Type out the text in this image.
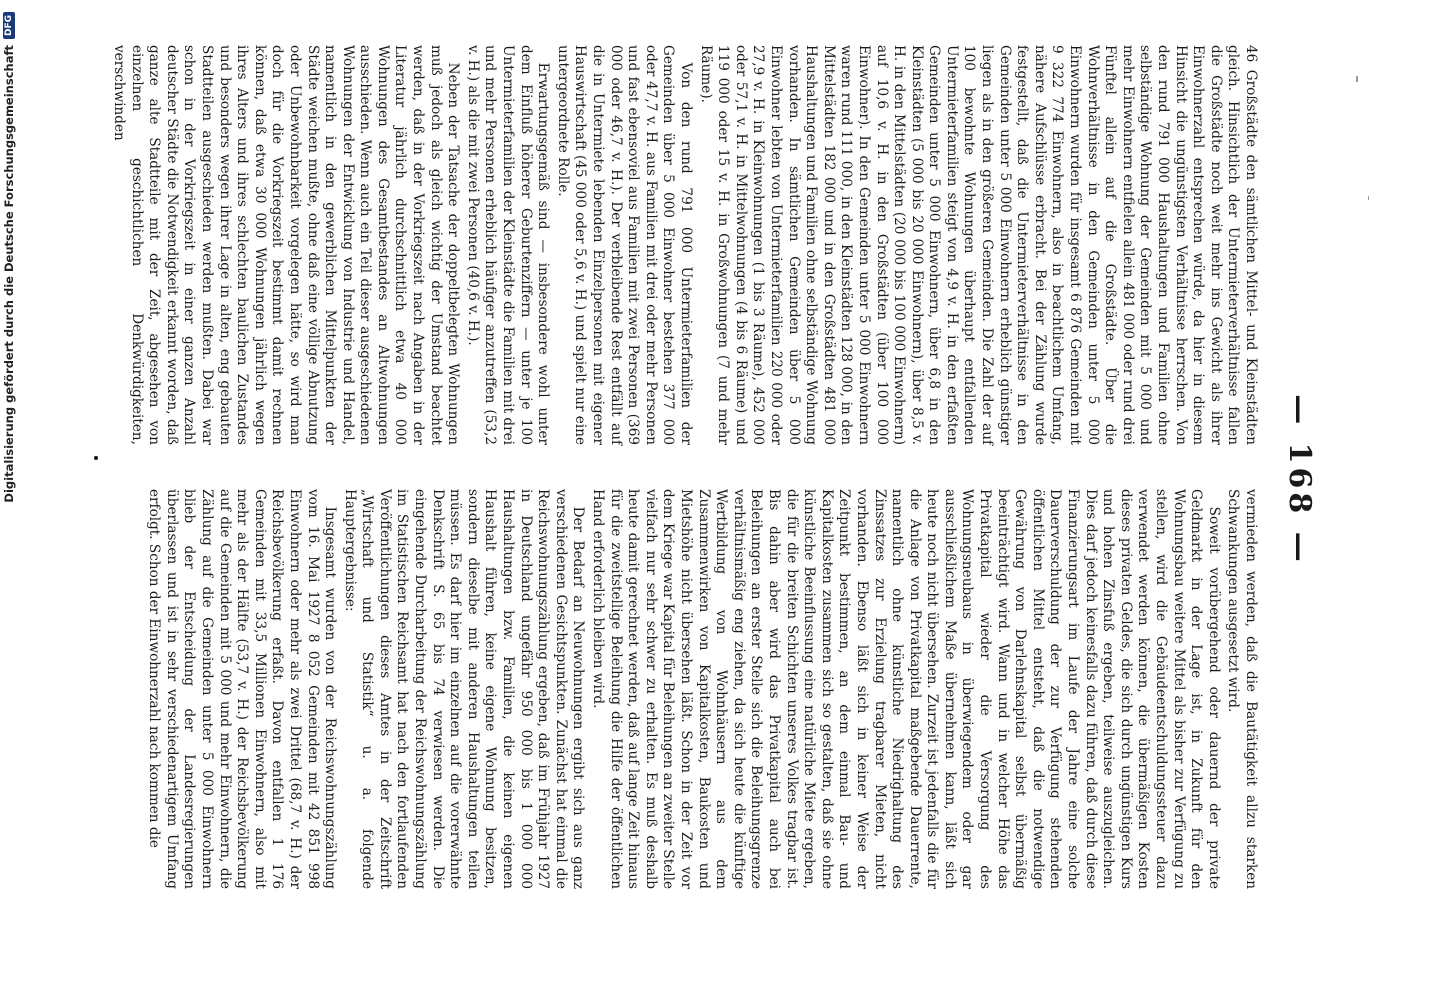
— 168 —

46 Großstädte den sämtlichen Mittel- und Kleinstädten gleich. Hinsichtlich der Untermieterverhältnisse fallen die Großstädte noch weit mehr ins Gewicht als ihrer Einwohnerzahl entsprechen würde, da hier in diesem Hinsicht die ungünstigsten Verhältnisse herrschen. Von den rund 791 000 Haushaltungen und Familien ohne selbständige Wohnung der Gemeinden mit 5 000 und mehr Einwohnern entfielen allein 481 000 oder rund drei Fünftel allein auf die Großstädte. Über die Wohnverhältnisse in den Gemeinden unter 5 000 Einwohnern wurden für insgesamt 6 876 Gemeinden mit 9 322 774 Einwohnern, also in beachtlichem Umfang, nähere Aufschlüsse erbracht. Bei der Zählung wurde festgestellt, daß die Untermieterverhältnisse in den Gemeinden unter 5 000 Einwohnern erheblich günstiger liegen als in den größeren Gemeinden. Die Zahl der auf 100 bewohnte Wohnungen überhaupt entfallenden Untermieterfamilien steigt von 4,9 v. H. in den erfaßten Gemeinden unter 5 000 Einwohnern, über 6,8 in den Kleinstädten (5 000 bis 20 000 Einwohnern), über 8,5 v. H. in den Mittelstädten (20 000 bis 100 000 Einwohnern) auf 10,6 v. H. in den Großstädten (über 100 000 Einwohner). In den Gemeinden unter 5 000 Einwohnern waren rund 111 000, in den Kleinstädten 128 000, in den Mittelstädten 182 000 und in den Großstädten 481 000 Haushaltungen und Familien ohne selbständige Wohnung vorhanden. In sämtlichen Gemeinden über 5 000 Einwohner lebten von Untermieterfamilien 220 000 oder 27,9 v. H. in Kleinwohnungen (1 bis 3 Räume), 452 000 oder 57,1 v. H. in Mittelwohnungen (4 bis 6 Räume) und 119 000 oder 15 v. H. in Großwohnungen (7 und mehr Räume).

Von den rund 791 000 Untermieterfamilien der Gemeinden über 5 000 Einwohner bestehen 377 000 oder 47,7 v. H. aus Familien mit drei oder mehr Personen und fast ebensoviel aus Familien mit zwei Personen (369 000 oder 46,7 v. H.). Der verbleibende Rest entfällt auf die in Untermiete lebenden Einzelpersonen mit eigener Hauswirtschaft (45 000 oder 5,6 v. H.) und spielt nur eine untergeordnete Rolle.

Erwartungsgemäß sind — insbesondere wohl unter dem Einfluß höherer Geburtenziffern — unter je 100 Untermieterfamilien der Kleinstädte die Familien mit drei und mehr Personen erheblich häufiger anzutreffen (53,2 v. H.) als die mit zwei Personen (40,6 v. H.).

Neben der Tatsache der doppeltbelegten Wohnungen muß jedoch als gleich wichtig der Umstand beachtet werden, daß in der Vorkriegszeit nach Angaben in der Literatur jährlich durchschnittlich etwa 40 000 Wohnungen des Gesamtbestandes an Altwohnungen ausschieden. Wenn auch ein Teil dieser ausgeschiedenen Wohnungen der Entwicklung von Industrie und Handel, namentlich in den gewerblichen Mittelpunkten der Städte weichen mußte, ohne daß eine völlige Abnutzung oder Unbewohnbarkeit vorgelegen hätte, so wird man doch für die Vorkriegszeit bestimmt damit rechnen können, daß etwa 30 000 Wohnungen jährlich wegen ihres Alters und ihres schlechten baulichen Zustandes und besonders wegen ihrer Lage in alten, eng gebauten Stadtteilen ausgeschieden werden mußten. Dabei war schon in der Vorkriegszeit in einer ganzen Anzahl deutscher Städte die Notwendigkeit erkannt worden, daß ganze alte Stadtteile mit der Zeit, abgesehen von einzelnen geschichtlichen Denkwürdigkeiten, verschwinden

vermieden werden, daß die Bautätigkeit allzu starken Schwankungen ausgesetzt wird.

Soweit vorübergehend oder dauernd der private Geldmarkt in der Lage ist, in Zukunft für den Wohnungsbau weitere Mittel als bisher zur Verfügung zu stellen, wird die Gebäudeentschuldungssteuer dazu verwendet werden können, die übermäßigen Kosten dieses privaten Geldes, die sich durch ungünstigen Kurs und hohen Zinsfuß ergeben, teilweise auszugleichen. Dies darf jedoch keinesfalls dazu führen, daß durch diese Finanzierungsart im Laufe der Jahre eine solche Dauerverschuldung der zur Verfügung stehenden öffentlichen Mittel entsteht, daß die notwendige Gewährung von Darlehnskapital selbst übermäßig beeinträchtigt wird. Wann und in welcher Höhe das Privatkapital wieder die Versorgung des Wohnungsneubaus in überwiegendem oder gar ausschließlichem Maße übernehmen kann, läßt sich heute noch nicht übersehen. Zurzeit ist jedenfalls die für die Anlage von Privatkapital maßgebende Dauerrente, namentlich ohne künstliche Niedrighaltung des Zinssatzes zur Erzielung tragbarer Mieten, nicht vorhanden. Ebenso läßt sich in keiner Weise der Zeitpunkt bestimmen, an dem einmal Bau- und Kapitalkosten zusammen sich so gestalten, daß sie ohne künstliche Beeinflussung eine natürliche Miete ergeben, die für die breiten Schichten unseres Volkes tragbar ist. Bis dahin aber wird das Privatkapital auch bei Beleihungen an erster Stelle sich die Beleihungsgrenze verhältnismäßig eng ziehen, da sich heute die künftige Wertbildung von Wohnhäusern aus dem Zusammenwirken von Kapitalkosten, Baukosten und Mietshöhe nicht übersehen läßt. Schon in der Zeit vor dem Kriege war Kapital für Beleihungen an zweiter Stelle vielfach nur sehr schwer zu erhalten. Es muß deshalb heute damit gerechnet werden, daß auf lange Zeit hinaus für die zweitstellige Beleihung die Hilfe der öffentlichen Hand erforderlich bleiben wird.

Der Bedarf an Neuwohnungen ergibt sich aus ganz verschiedenen Gesichtspunkten. Zunächst hat einmal die Reichswohnungszählung ergeben, daß im Frühjahr 1927 in Deutschland ungefähr 950 000 bis 1 000 000 Haushaltungen bzw. Familien, die keinen eigenen Haushalt führen, keine eigene Wohnung besitzen, sondern dieselbe mit anderen Haushaltungen teilen müssen. Es darf hier im einzelnen auf die vorerwähnte Denkschrift S. 65 bis 74 verwiesen werden. Die eingehende Durcharbeitung der Reichswohnungszählung im Statistischen Reichsamt hat nach den fortlaufenden Veröffentlichungen dieses Amtes in der Zeitschrift „Wirtschaft und Statistik“ u. a. folgende Hauptergebnisse:

Insgesamt wurden von der Reichswohnungszählung vom 16. Mai 1927 8 052 Gemeinden mit 42 851 998 Einwohnern oder mehr als zwei Drittel (68,7 v. H.) der Reichsbevölkerung erfaßt. Davon entfallen 1 176 Gemeinden mit 33,5 Millionen Einwohnern, also mit mehr als der Hälfte (53,7 v. H.) der Reichsbevölkerung auf die Gemeinden mit 5 000 und mehr Einwohnern, die Zählung auf die Gemeinden unter 5 000 Einwohnern blieb der Entscheidung der Landesregierungen überlassen und ist in sehr verschiedenartigem Umfang erfolgt. Schon der Einwohnerzahl nach kommen die

Digitalisierung gefördert durch die Deutsche Forschungsgemeinschaft
DFG
